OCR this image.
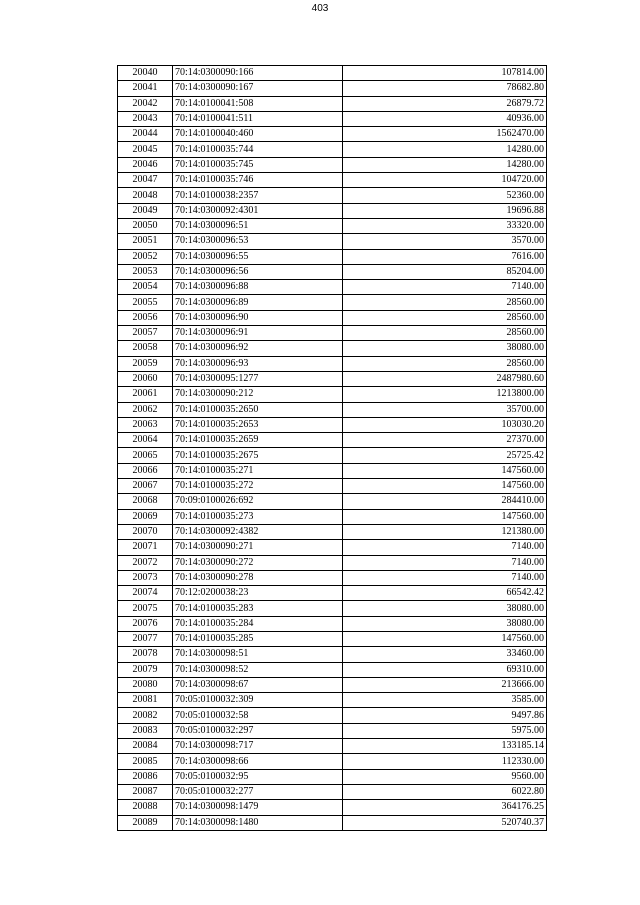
403
20040	70:14:0300090:166	107814.00
20041	70:14:0300090:167	78682.80
20042	70:14:0100041:508	26879.72
20043	70:14:0100041:511	40936.00
20044	70:14:0100040:460	1562470.00
20045	70:14:0100035:744	14280.00
20046	70:14:0100035:745	14280.00
20047	70:14:0100035:746	104720.00
20048	70:14:0100038:2357	52360.00
20049	70:14:0300092:4301	19696.88
20050	70:14:0300096:51	33320.00
20051	70:14:0300096:53	3570.00
20052	70:14:0300096:55	7616.00
20053	70:14:0300096:56	85204.00
20054	70:14:0300096:88	7140.00
20055	70:14:0300096:89	28560.00
20056	70:14:0300096:90	28560.00
20057	70:14:0300096:91	28560.00
20058	70:14:0300096:92	38080.00
20059	70:14:0300096:93	28560.00
20060	70:14:0300095:1277	2487980.60
20061	70:14:0300090:212	1213800.00
20062	70:14:0100035:2650	35700.00
20063	70:14:0100035:2653	103030.20
20064	70:14:0100035:2659	27370.00
20065	70:14:0100035:2675	25725.42
20066	70:14:0100035:271	147560.00
20067	70:14:0100035:272	147560.00
20068	70:09:0100026:692	284410.00
20069	70:14:0100035:273	147560.00
20070	70:14:0300092:4382	121380.00
20071	70:14:0300090:271	7140.00
20072	70:14:0300090:272	7140.00
20073	70:14:0300090:278	7140.00
20074	70:12:0200038:23	66542.42
20075	70:14:0100035:283	38080.00
20076	70:14:0100035:284	38080.00
20077	70:14:0100035:285	147560.00
20078	70:14:0300098:51	33460.00
20079	70:14:0300098:52	69310.00
20080	70:14:0300098:67	213666.00
20081	70:05:0100032:309	3585.00
20082	70:05:0100032:58	9497.86
20083	70:05:0100032:297	5975.00
20084	70:14:0300098:717	133185.14
20085	70:14:0300098:66	112330.00
20086	70:05:0100032:95	9560.00
20087	70:05:0100032:277	6022.80
20088	70:14:0300098:1479	364176.25
20089	70:14:0300098:1480	520740.37
